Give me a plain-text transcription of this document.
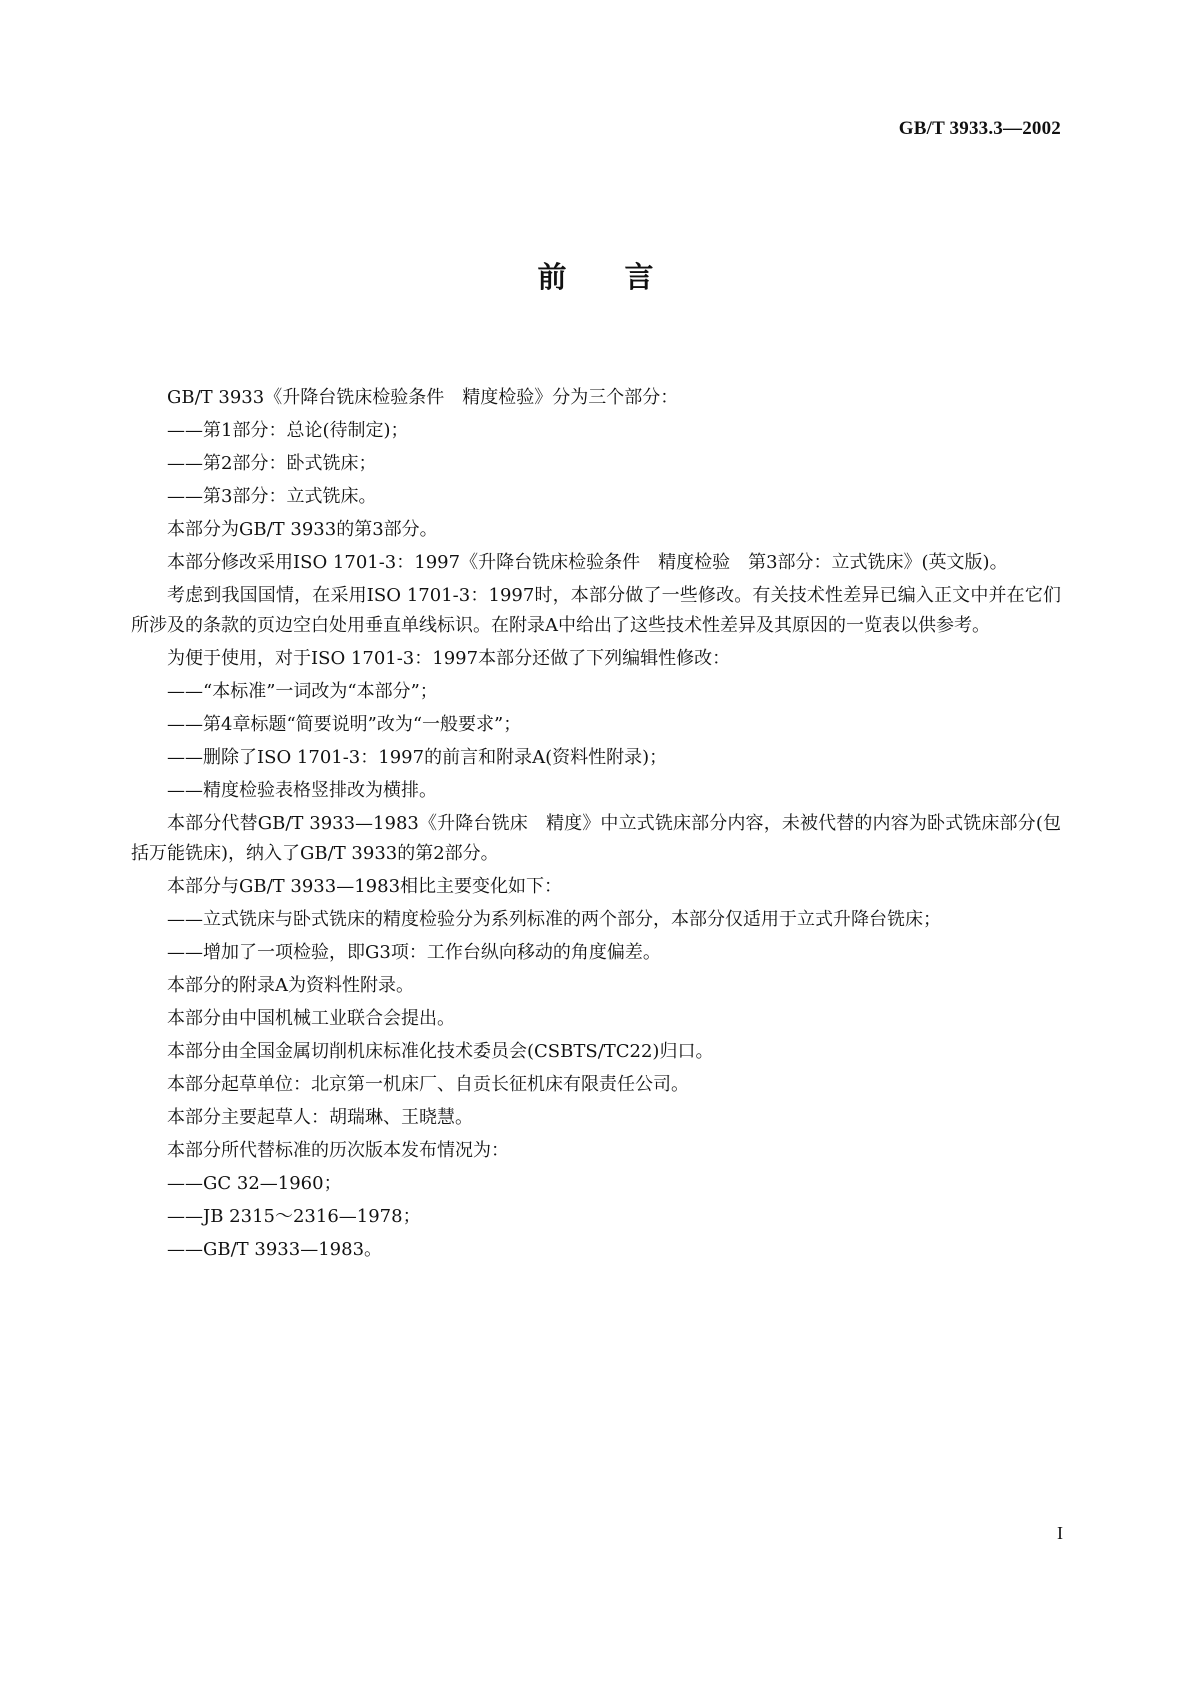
GB/T 3933.3—2002
前言

GB/T 3933《升降台铣床检验条件　精度检验》分为三个部分：

——第1部分：总论(待制定)；

——第2部分：卧式铣床；

——第3部分：立式铣床。

本部分为GB/T 3933的第3部分。

本部分修改采用ISO 1701-3：1997《升降台铣床检验条件　精度检验　第3部分：立式铣床》(英文版)。

考虑到我国国情，在采用ISO 1701-3：1997时，本部分做了一些修改。有关技术性差异已编入正文中并在它们所涉及的条款的页边空白处用垂直单线标识。在附录A中给出了这些技术性差异及其原因的一览表以供参考。

为便于使用，对于ISO 1701-3：1997本部分还做了下列编辑性修改：

——“本标准”一词改为“本部分”；

——第4章标题“简要说明”改为“一般要求”；

——删除了ISO 1701-3：1997的前言和附录A(资料性附录)；

——精度检验表格竖排改为横排。

本部分代替GB/T 3933—1983《升降台铣床　精度》中立式铣床部分内容，未被代替的内容为卧式铣床部分(包括万能铣床)，纳入了GB/T 3933的第2部分。

本部分与GB/T 3933—1983相比主要变化如下：

——立式铣床与卧式铣床的精度检验分为系列标准的两个部分，本部分仅适用于立式升降台铣床；

——增加了一项检验，即G3项：工作台纵向移动的角度偏差。

本部分的附录A为资料性附录。

本部分由中国机械工业联合会提出。

本部分由全国金属切削机床标准化技术委员会(CSBTS/TC22)归口。

本部分起草单位：北京第一机床厂、自贡长征机床有限责任公司。

本部分主要起草人：胡瑞琳、王晓慧。

本部分所代替标准的历次版本发布情况为：

——GC 32—1960；

——JB 2315～2316—1978；

——GB/T 3933—1983。

I
